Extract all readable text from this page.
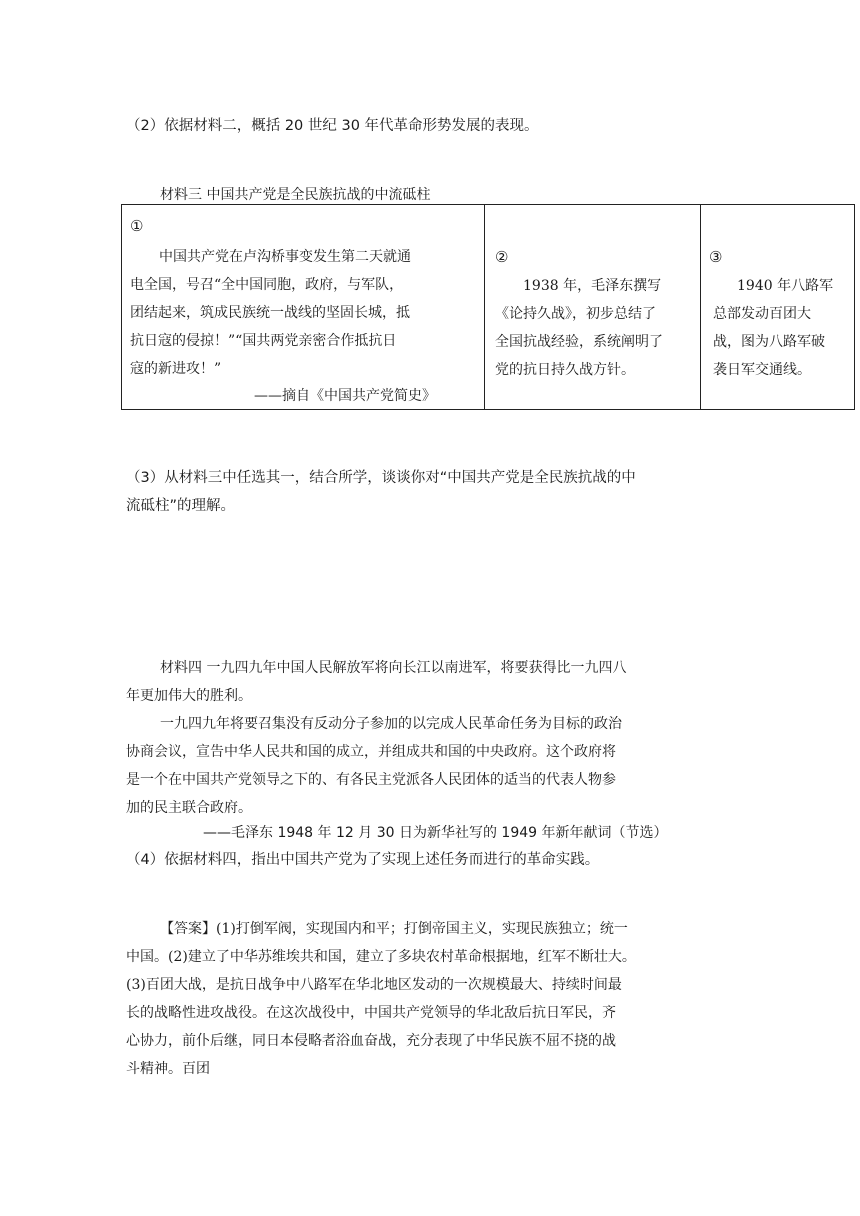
（2）依据材料二，概括 20 世纪 30 年代革命形势发展的表现。
材料三 中国共产党是全民族抗战的中流砥柱
①
中国共产党在卢沟桥事变发生第二天就通
电全国，号召“全中国同胞，政府，与军队，
团结起来，筑成民族统一战线的坚固长城，抵
抗日寇的侵掠！”“国共两党亲密合作抵抗日
寇的新进攻！”
——摘自《中国共产党简史》

②
1938 年，毛泽东撰写
《论持久战》，初步总结了
全国抗战经验，系统阐明了
党的抗日持久战方针。

③
1940 年八路军
总部发动百团大
战，图为八路军破
袭日军交通线。
（3）从材料三中任选其一，结合所学，谈谈你对“中国共产党是全民族抗战的中
流砥柱”的理解。
材料四 一九四九年中国人民解放军将向长江以南进军，将要获得比一九四八
年更加伟大的胜利。
一九四九年将要召集没有反动分子参加的以完成人民革命任务为目标的政治
协商会议，宣告中华人民共和国的成立，并组成共和国的中央政府。这个政府将
是一个在中国共产党领导之下的、有各民主党派各人民团体的适当的代表人物参
加的民主联合政府。
——毛泽东 1948 年 12 月 30 日为新华社写的 1949 年新年献词（节选）
（4）依据材料四，指出中国共产党为了实现上述任务而进行的革命实践。
【答案】(1)打倒军阀，实现国内和平；打倒帝国主义，实现民族独立；统一
中国。(2)建立了中华苏维埃共和国，建立了多块农村革命根据地，红军不断壮大。
(3)百团大战，是抗日战争中八路军在华北地区发动的一次规模最大、持续时间最
长的战略性进攻战役。在这次战役中，中国共产党领导的华北敌后抗日军民，齐
心协力，前仆后继，同日本侵略者浴血奋战，充分表现了中华民族不屈不挠的战
斗精神。百团
